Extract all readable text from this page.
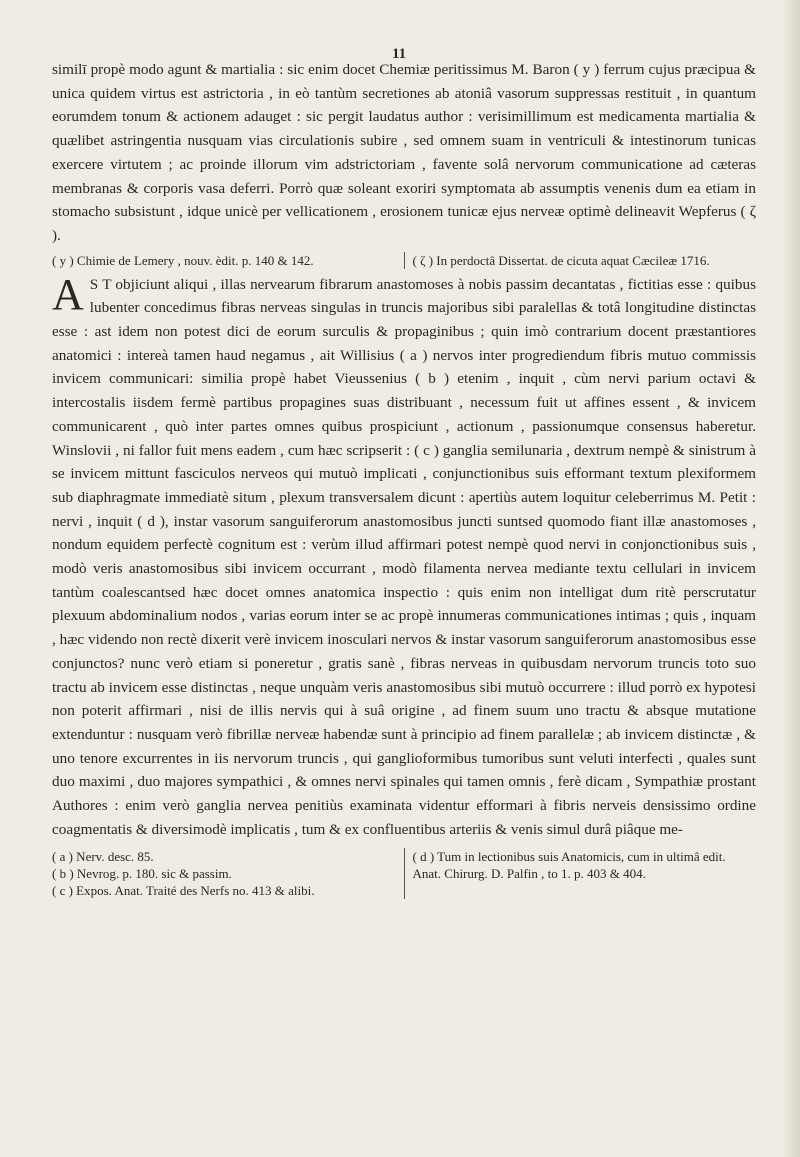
11

similī propè modo agunt & martialia : sic enim docet Chemiæ peritissimus M. Baron ( y ) ferrum cujus præcipua & unica quidem virtus est astrictoria , in eò tantùm secretiones ab atoniâ vasorum suppressas restituit , in quantum eorumdem tonum & actionem adauget : sic pergit laudatus author : verisimillimum est medicamenta martialia & quælibet astringentia nusquam vias circulationis subire , sed omnem suam in ventriculi & intestinorum tunicas exercere virtutem ; ac proinde illorum vim adstrictoriam , favente solâ nervorum communicatione ad cæteras membranas & corporis vasa deferri. Porrò quæ soleant exoriri symptomata ab assumptis venenis dum ea etiam in stomacho subsistunt , idque unicè per vellicationem , erosionem tunicæ ejus nerveæ optimè delineavit Wepferus ( ζ ).

( y ) Chimie de Lemery , nouv. èdit. p. 140 & 142.	( ζ ) In perdoctâ Dissertat. de cicuta aquat Cæcileæ 1716.

A S T objiciunt aliqui , illas nervearum fibrarum anastomoses à nobis passim decantatas , fictitias esse : quibus lubenter concedimus fibras nerveas singulas in truncis majoribus sibi paralellas & totâ longitudine distinctas esse : ast idem non potest dici de eorum surculis & propaginibus ; quin imò contrarium docent præstantiores anatomici : intereà tamen haud negamus , ait Willisius ( a ) nervos inter progrediendum fibris mutuo commissis invicem communicari: similia propè habet Vieussenius ( b ) etenim , inquit , cùm nervi parium octavi & intercostalis iisdem fermè partibus propagines suas distribuant , necessum fuit ut affines essent , & invicem communicarent , quò inter partes omnes quibus prospiciunt , actionum , passionumque consensus haberetur. Winslovii , ni fallor fuit mens eadem , cum hæc scripserit : ( c ) ganglia semilunaria , dextrum nempè & sinistrum à se invicem mittunt fasciculos nerveos qui mutuò implicati , conjunctionibus suis efformant textum plexiformem sub diaphragmate immediatè situm , plexum transversalem dicunt : apertiùs autem loquitur celeberrimus M. Petit : nervi , inquit ( d ), instar vasorum sanguiferorum anastomosibus juncti suntsed quomodo fiant illæ anastomoses , nondum equidem perfectè cognitum est : verùm illud affirmari potest nempè quod nervi in conjonctionibus suis , modò veris anastomosibus sibi invicem occurrant , modò filamenta nervea mediante textu cellulari in invicem tantùm coalescantsed hæc docet omnes anatomica inspectio : quis enim non intelligat dum ritè perscrutatur plexuum abdominalium nodos , varias eorum inter se ac propè innumeras communicationes intimas ; quis , inquam , hæc videndo non rectè dixerit verè invicem inosculari nervos & instar vasorum sanguiferorum anastomosibus esse conjunctos? nunc verò etiam si poneretur , gratis sanè , fibras nerveas in quibusdam nervorum truncis toto suo tractu ab invicem esse distinctas , neque unquàm veris anastomosibus sibi mutuò occurrere : illud porrò ex hypotesi non poterit affirmari , nisi de illis nervis qui à suâ origine , ad finem suum uno tractu & absque mutatione extenduntur : nusquam verò fibrillæ nerveæ habendæ sunt à principio ad finem parallelæ ; ab invicem distinctæ , & uno tenore excurrentes in iis nervorum truncis , qui ganglioformibus tumoribus sunt veluti interfecti , quales sunt duo maximi , duo majores sympathici , & omnes nervi spinales qui tamen omnis , ferè dicam , Sympathiæ prostant Authores : enim verò ganglia nervea penitiùs examinata videntur efformari à fibris nerveis densissimo ordine coagmentatis & diversimodè implicatis , tum & ex confluentibus arteriis & venis simul durâ piâque me-

( a ) Nerv. desc. 85.
( b ) Nevrog. p. 180. sic & passim.
( c ) Expos. Anat. Traité des Nerfs no. 413 & alibi.
( d ) Tum in lectionibus suis Anatomicis, cum in ultimâ edit. Anat. Chirurg. D. Palfin , to 1. p. 403 & 404.
